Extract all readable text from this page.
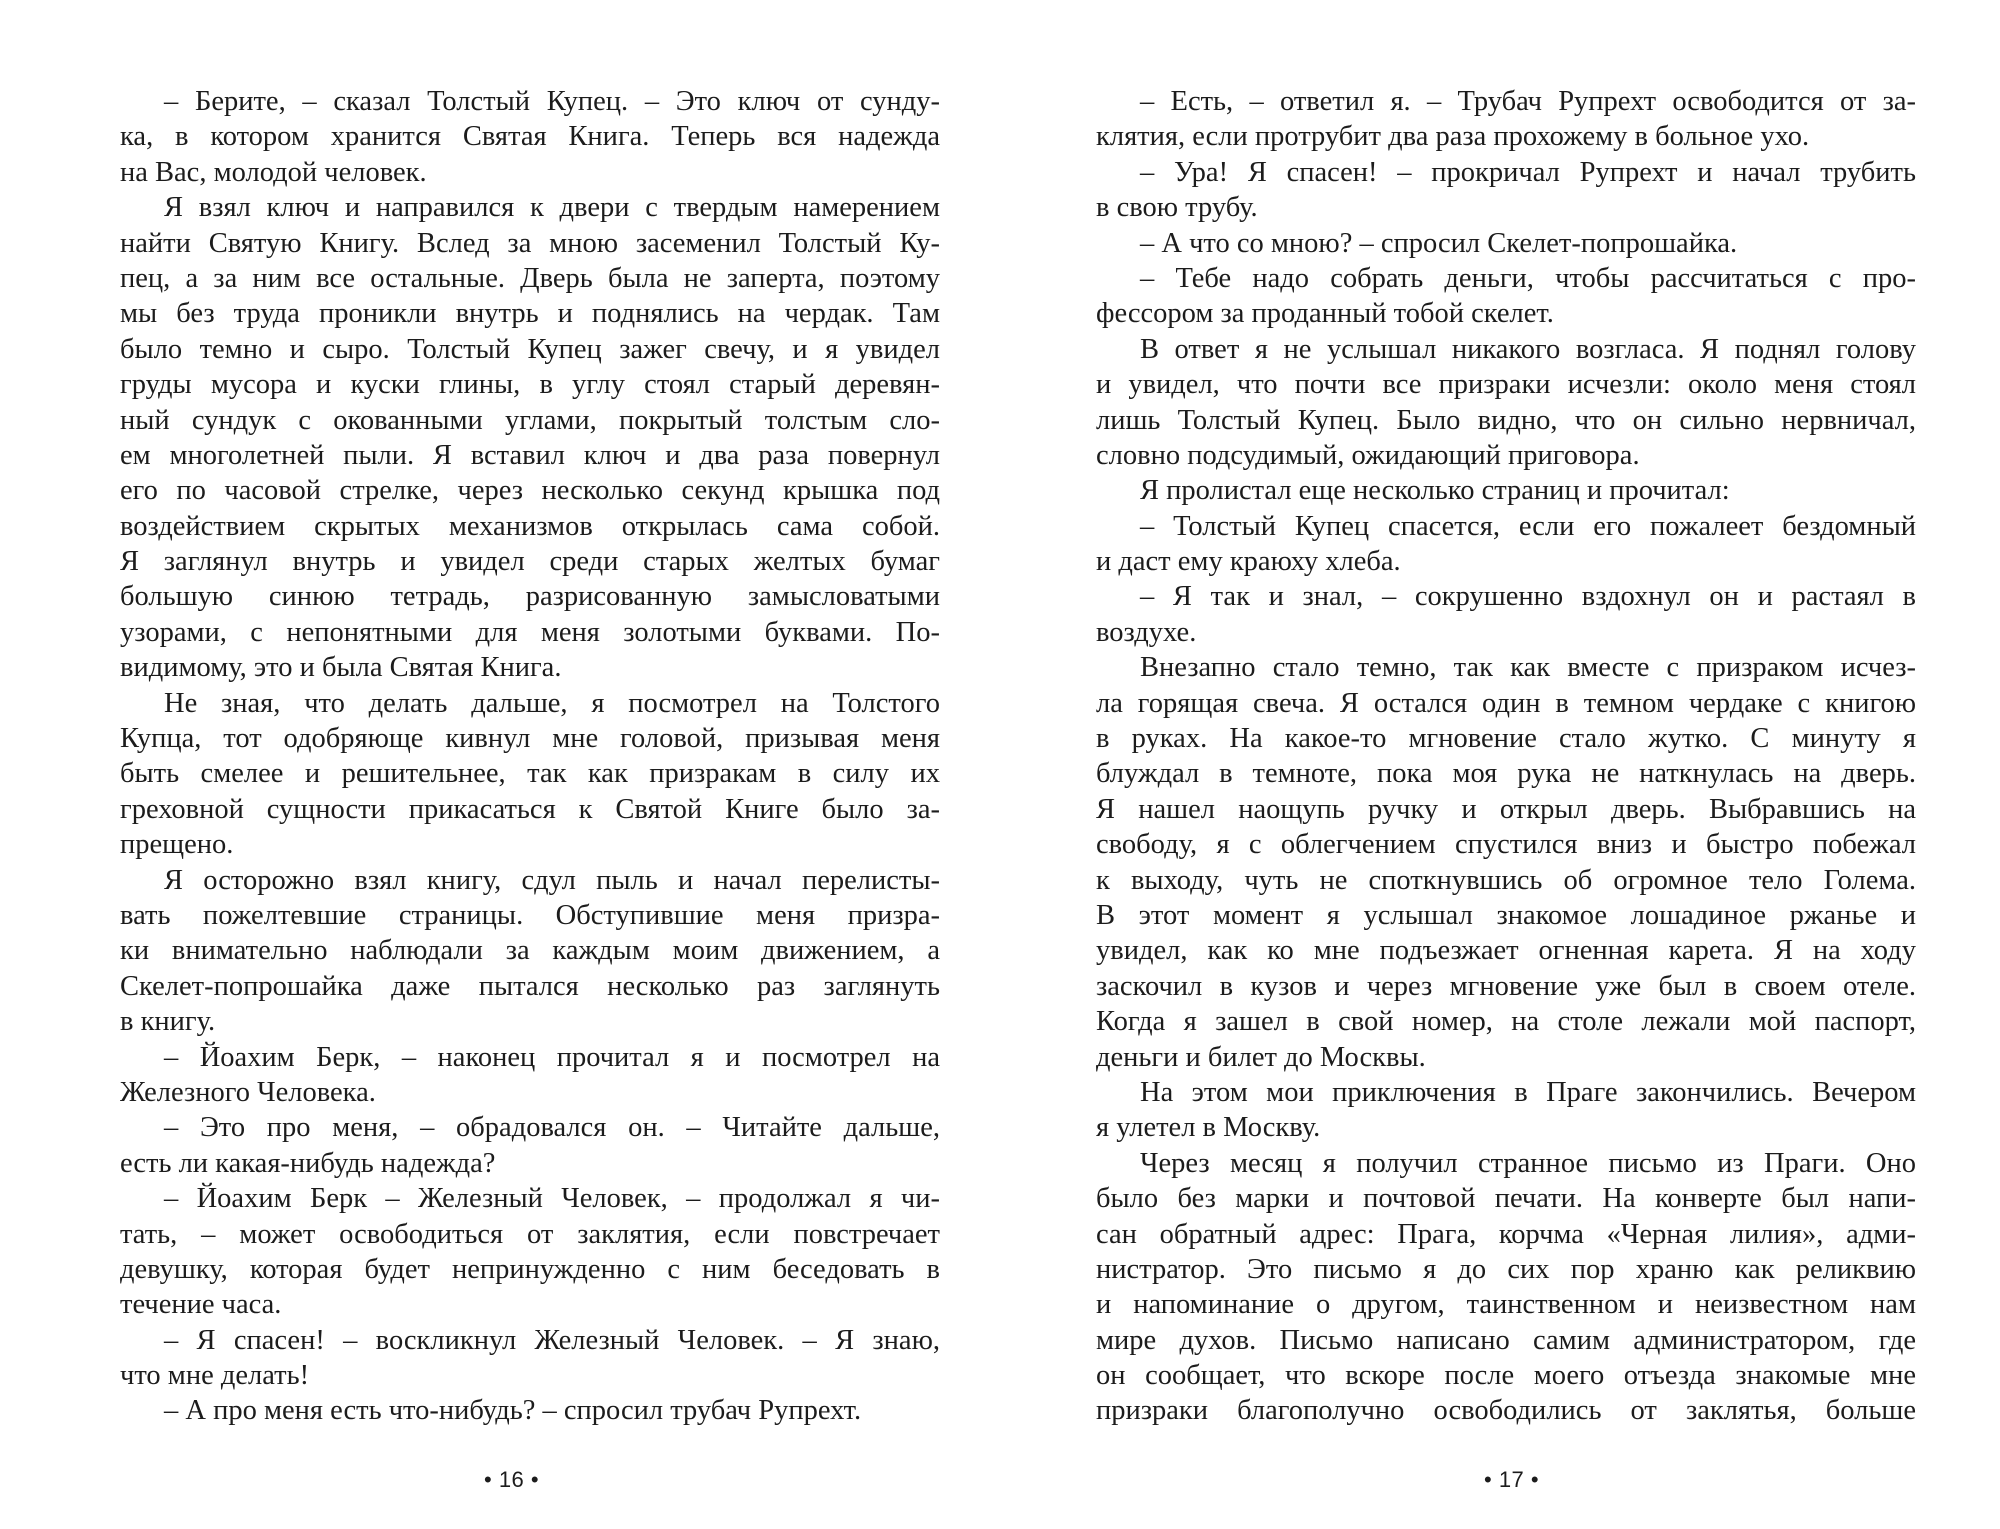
– Берите, – сказал Толстый Купец. – Это ключ от сунду-
ка, в котором хранится Святая Книга. Теперь вся надежда
на Вас, молодой человек.
Я взял ключ и направился к двери с твердым намерением
найти Святую Книгу. Вслед за мною засеменил Толстый Ку-
пец, а за ним все остальные. Дверь была не заперта, поэтому
мы без труда проникли внутрь и поднялись на чердак. Там
было темно и сыро. Толстый Купец зажег свечу, и я увидел
груды мусора и куски глины, в углу стоял старый деревян-
ный сундук с окованными углами, покрытый толстым сло-
ем многолетней пыли. Я вставил ключ и два раза повернул
его по часовой стрелке, через несколько секунд крышка под
воздействием скрытых механизмов открылась сама собой.
Я заглянул внутрь и увидел среди старых желтых бумаг
большую синюю тетрадь, разрисованную замысловатыми
узорами, с непонятными для меня золотыми буквами. По-
видимому, это и была Святая Книга.
Не зная, что делать дальше, я посмотрел на Толстого
Купца, тот одобряюще кивнул мне головой, призывая меня
быть смелее и решительнее, так как призракам в силу их
греховной сущности прикасаться к Святой Книге было за-
прещено.
Я осторожно взял книгу, сдул пыль и начал перелисты-
вать пожелтевшие страницы. Обступившие меня призра-
ки внимательно наблюдали за каждым моим движением, а
Скелет-попрошайка даже пытался несколько раз заглянуть
в книгу.
– Йоахим Берк, – наконец прочитал я и посмотрел на
Железного Человека.
– Это про меня, – обрадовался он. – Читайте дальше,
есть ли какая-нибудь надежда?
– Йоахим Берк – Железный Человек, – продолжал я чи-
тать, – может освободиться от заклятия, если повстречает
девушку, которая будет непринужденно с ним беседовать в
течение часа.
– Я спасен! – воскликнул Железный Человек. – Я знаю,
что мне делать!
– А про меня есть что-нибудь? – спросил трубач Рупрехт.
– Есть, – ответил я. – Трубач Рупрехт освободится от за-
клятия, если протрубит два раза прохожему в больное ухо.
– Ура! Я спасен! – прокричал Рупрехт и начал трубить
в свою трубу.
– А что со мною? – спросил Скелет-попрошайка.
– Тебе надо собрать деньги, чтобы рассчитаться с про-
фессором за проданный тобой скелет.
В ответ я не услышал никакого возгласа. Я поднял голову
и увидел, что почти все призраки исчезли: около меня стоял
лишь Толстый Купец. Было видно, что он сильно нервничал,
словно подсудимый, ожидающий приговора.
Я пролистал еще несколько страниц и прочитал:
– Толстый Купец спасется, если его пожалеет бездомный
и даст ему краюху хлеба.
– Я так и знал, – сокрушенно вздохнул он и растаял в
воздухе.
Внезапно стало темно, так как вместе с призраком исчез-
ла горящая свеча. Я остался один в темном чердаке с книгою
в руках. На какое-то мгновение стало жутко. С минуту я
блуждал в темноте, пока моя рука не наткнулась на дверь.
Я нашел наощупь ручку и открыл дверь. Выбравшись на
свободу, я с облегчением спустился вниз и быстро побежал
к выходу, чуть не споткнувшись об огромное тело Голема.
В этот момент я услышал знакомое лошадиное ржанье и
увидел, как ко мне подъезжает огненная карета. Я на ходу
заскочил в кузов и через мгновение уже был в своем отеле.
Когда я зашел в свой номер, на столе лежали мой паспорт,
деньги и билет до Москвы.
На этом мои приключения в Праге закончились. Вечером
я улетел в Москву.
Через месяц я получил странное письмо из Праги. Оно
было без марки и почтовой печати. На конверте был напи-
сан обратный адрес: Прага, корчма «Черная лилия», адми-
нистратор. Это письмо я до сих пор храню как реликвию
и напоминание о другом, таинственном и неизвестном нам
мире духов. Письмо написано самим администратором, где
он сообщает, что вскоре после моего отъезда знакомые мне
призраки благополучно освободились от заклятья, больше
• 16 •	• 17 •
